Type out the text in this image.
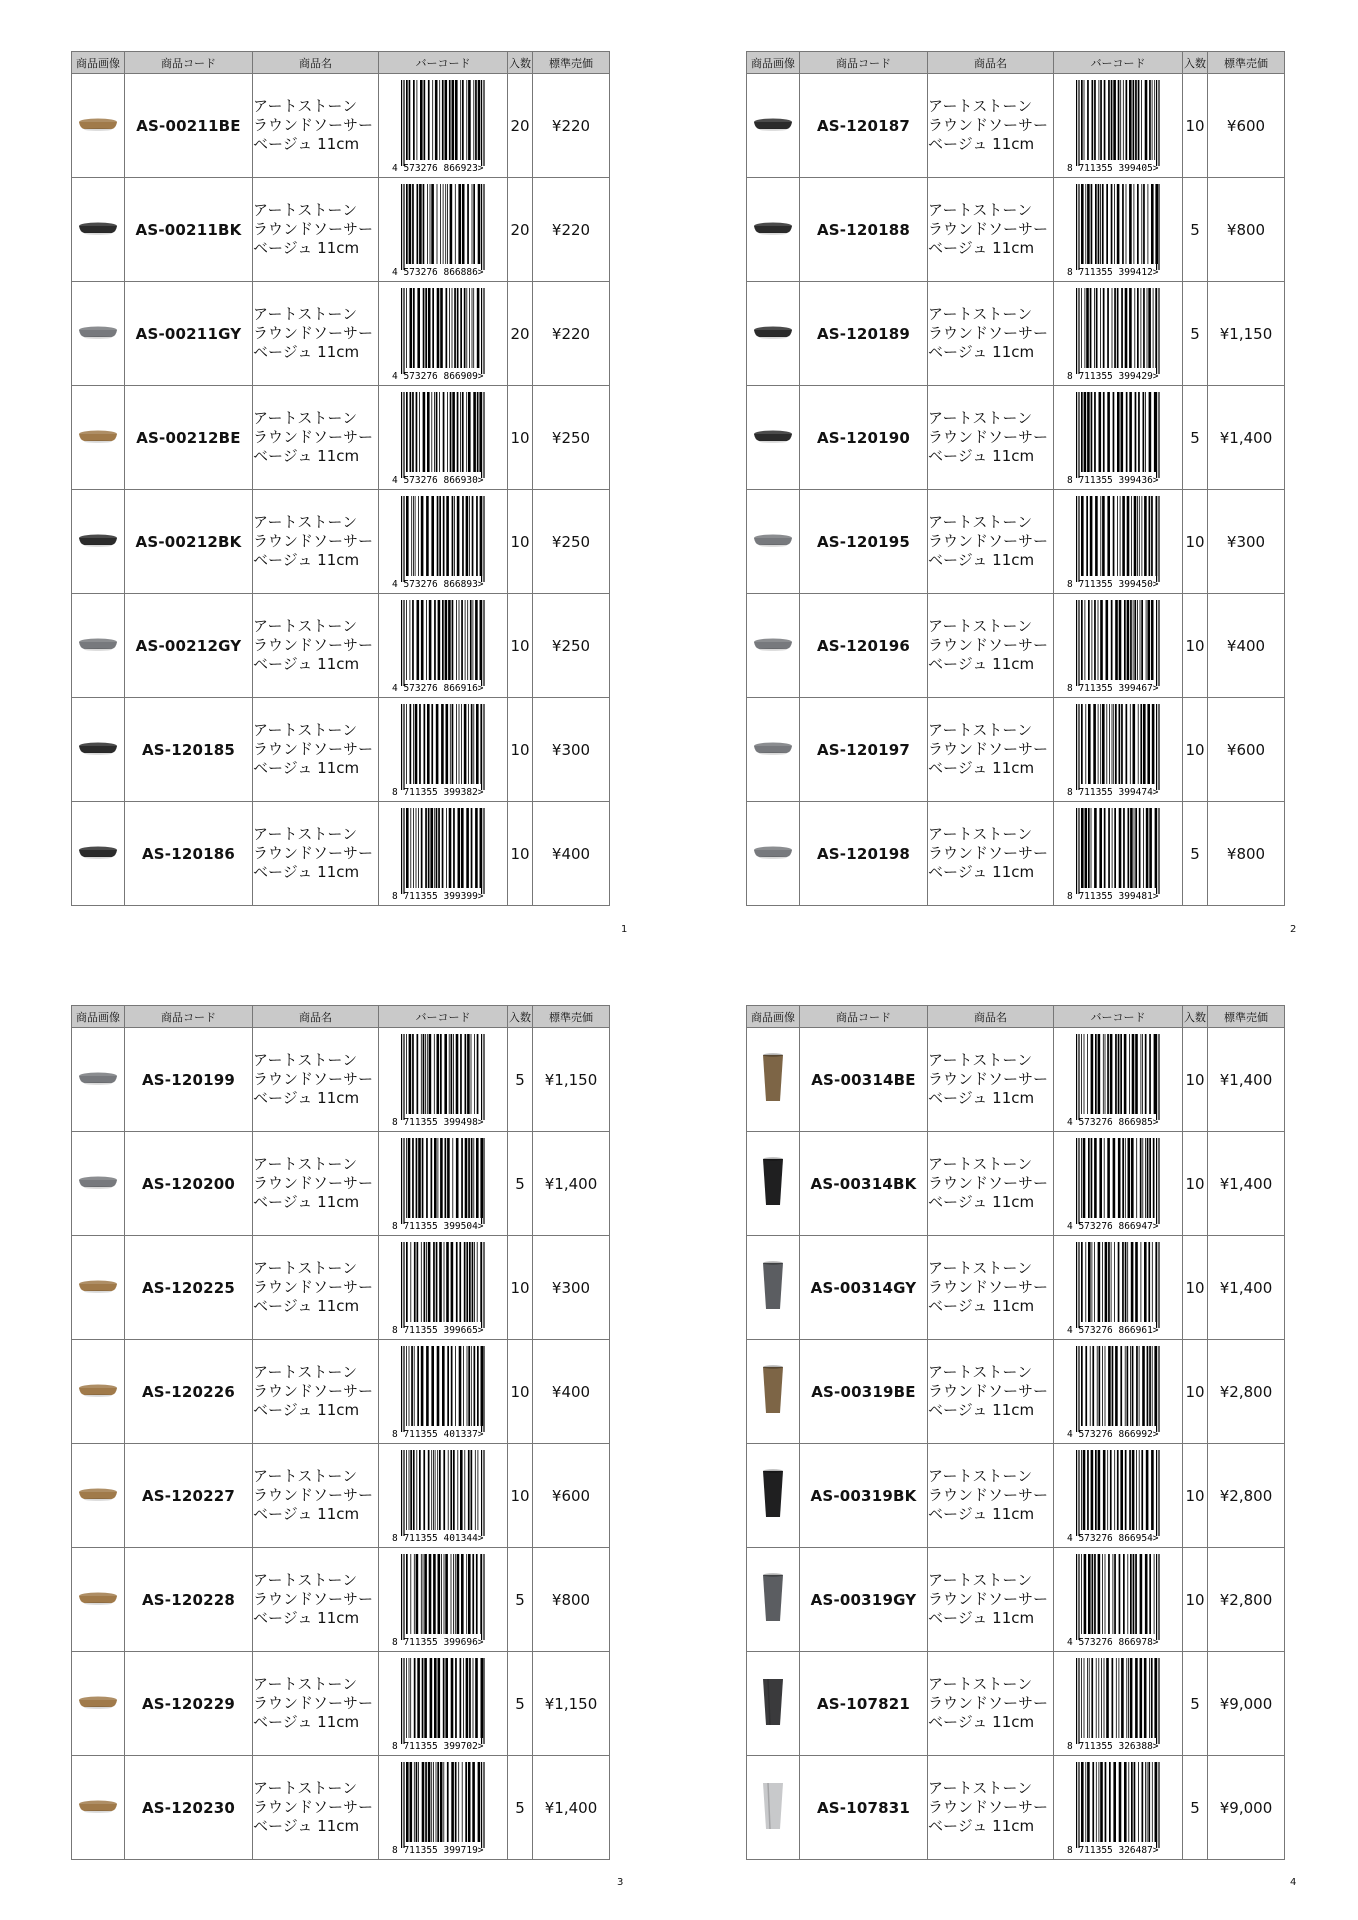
商品画像	商品コード	商品名	バーコード	入数	標準売価
	AS-00211BE	アートストーン
ラウンドソーサー
ベージュ 11cm	4 573276 866923>	20	¥220
	AS-00211BK	アートストーン
ラウンドソーサー
ベージュ 11cm	4 573276 866886>	20	¥220
	AS-00211GY	アートストーン
ラウンドソーサー
ベージュ 11cm	4 573276 866909>	20	¥220
	AS-00212BE	アートストーン
ラウンドソーサー
ベージュ 11cm	4 573276 866930>	10	¥250
	AS-00212BK	アートストーン
ラウンドソーサー
ベージュ 11cm	4 573276 866893>	10	¥250
	AS-00212GY	アートストーン
ラウンドソーサー
ベージュ 11cm	4 573276 866916>	10	¥250
	AS-120185	アートストーン
ラウンドソーサー
ベージュ 11cm	8 711355 399382>	10	¥300
	AS-120186	アートストーン
ラウンドソーサー
ベージュ 11cm	8 711355 399399>	10	¥400
1
商品画像	商品コード	商品名	バーコード	入数	標準売価
	AS-120187	アートストーン
ラウンドソーサー
ベージュ 11cm	8 711355 399405>	10	¥600
	AS-120188	アートストーン
ラウンドソーサー
ベージュ 11cm	8 711355 399412>	5	¥800
	AS-120189	アートストーン
ラウンドソーサー
ベージュ 11cm	8 711355 399429>	5	¥1,150
	AS-120190	アートストーン
ラウンドソーサー
ベージュ 11cm	8 711355 399436>	5	¥1,400
	AS-120195	アートストーン
ラウンドソーサー
ベージュ 11cm	8 711355 399450>	10	¥300
	AS-120196	アートストーン
ラウンドソーサー
ベージュ 11cm	8 711355 399467>	10	¥400
	AS-120197	アートストーン
ラウンドソーサー
ベージュ 11cm	8 711355 399474>	10	¥600
	AS-120198	アートストーン
ラウンドソーサー
ベージュ 11cm	8 711355 399481>	5	¥800
2
商品画像	商品コード	商品名	バーコード	入数	標準売価
	AS-120199	アートストーン
ラウンドソーサー
ベージュ 11cm	8 711355 399498>	5	¥1,150
	AS-120200	アートストーン
ラウンドソーサー
ベージュ 11cm	8 711355 399504>	5	¥1,400
	AS-120225	アートストーン
ラウンドソーサー
ベージュ 11cm	8 711355 399665>	10	¥300
	AS-120226	アートストーン
ラウンドソーサー
ベージュ 11cm	8 711355 401337>	10	¥400
	AS-120227	アートストーン
ラウンドソーサー
ベージュ 11cm	8 711355 401344>	10	¥600
	AS-120228	アートストーン
ラウンドソーサー
ベージュ 11cm	8 711355 399696>	5	¥800
	AS-120229	アートストーン
ラウンドソーサー
ベージュ 11cm	8 711355 399702>	5	¥1,150
	AS-120230	アートストーン
ラウンドソーサー
ベージュ 11cm	8 711355 399719>	5	¥1,400
3
商品画像	商品コード	商品名	バーコード	入数	標準売価
	AS-00314BE	アートストーン
ラウンドソーサー
ベージュ 11cm	4 573276 866985>	10	¥1,400
	AS-00314BK	アートストーン
ラウンドソーサー
ベージュ 11cm	4 573276 866947>	10	¥1,400
	AS-00314GY	アートストーン
ラウンドソーサー
ベージュ 11cm	4 573276 866961>	10	¥1,400
	AS-00319BE	アートストーン
ラウンドソーサー
ベージュ 11cm	4 573276 866992>	10	¥2,800
	AS-00319BK	アートストーン
ラウンドソーサー
ベージュ 11cm	4 573276 866954>	10	¥2,800
	AS-00319GY	アートストーン
ラウンドソーサー
ベージュ 11cm	4 573276 866978>	10	¥2,800
	AS-107821	アートストーン
ラウンドソーサー
ベージュ 11cm	8 711355 326388>	5	¥9,000
	AS-107831	アートストーン
ラウンドソーサー
ベージュ 11cm	8 711355 326487>	5	¥9,000
4
